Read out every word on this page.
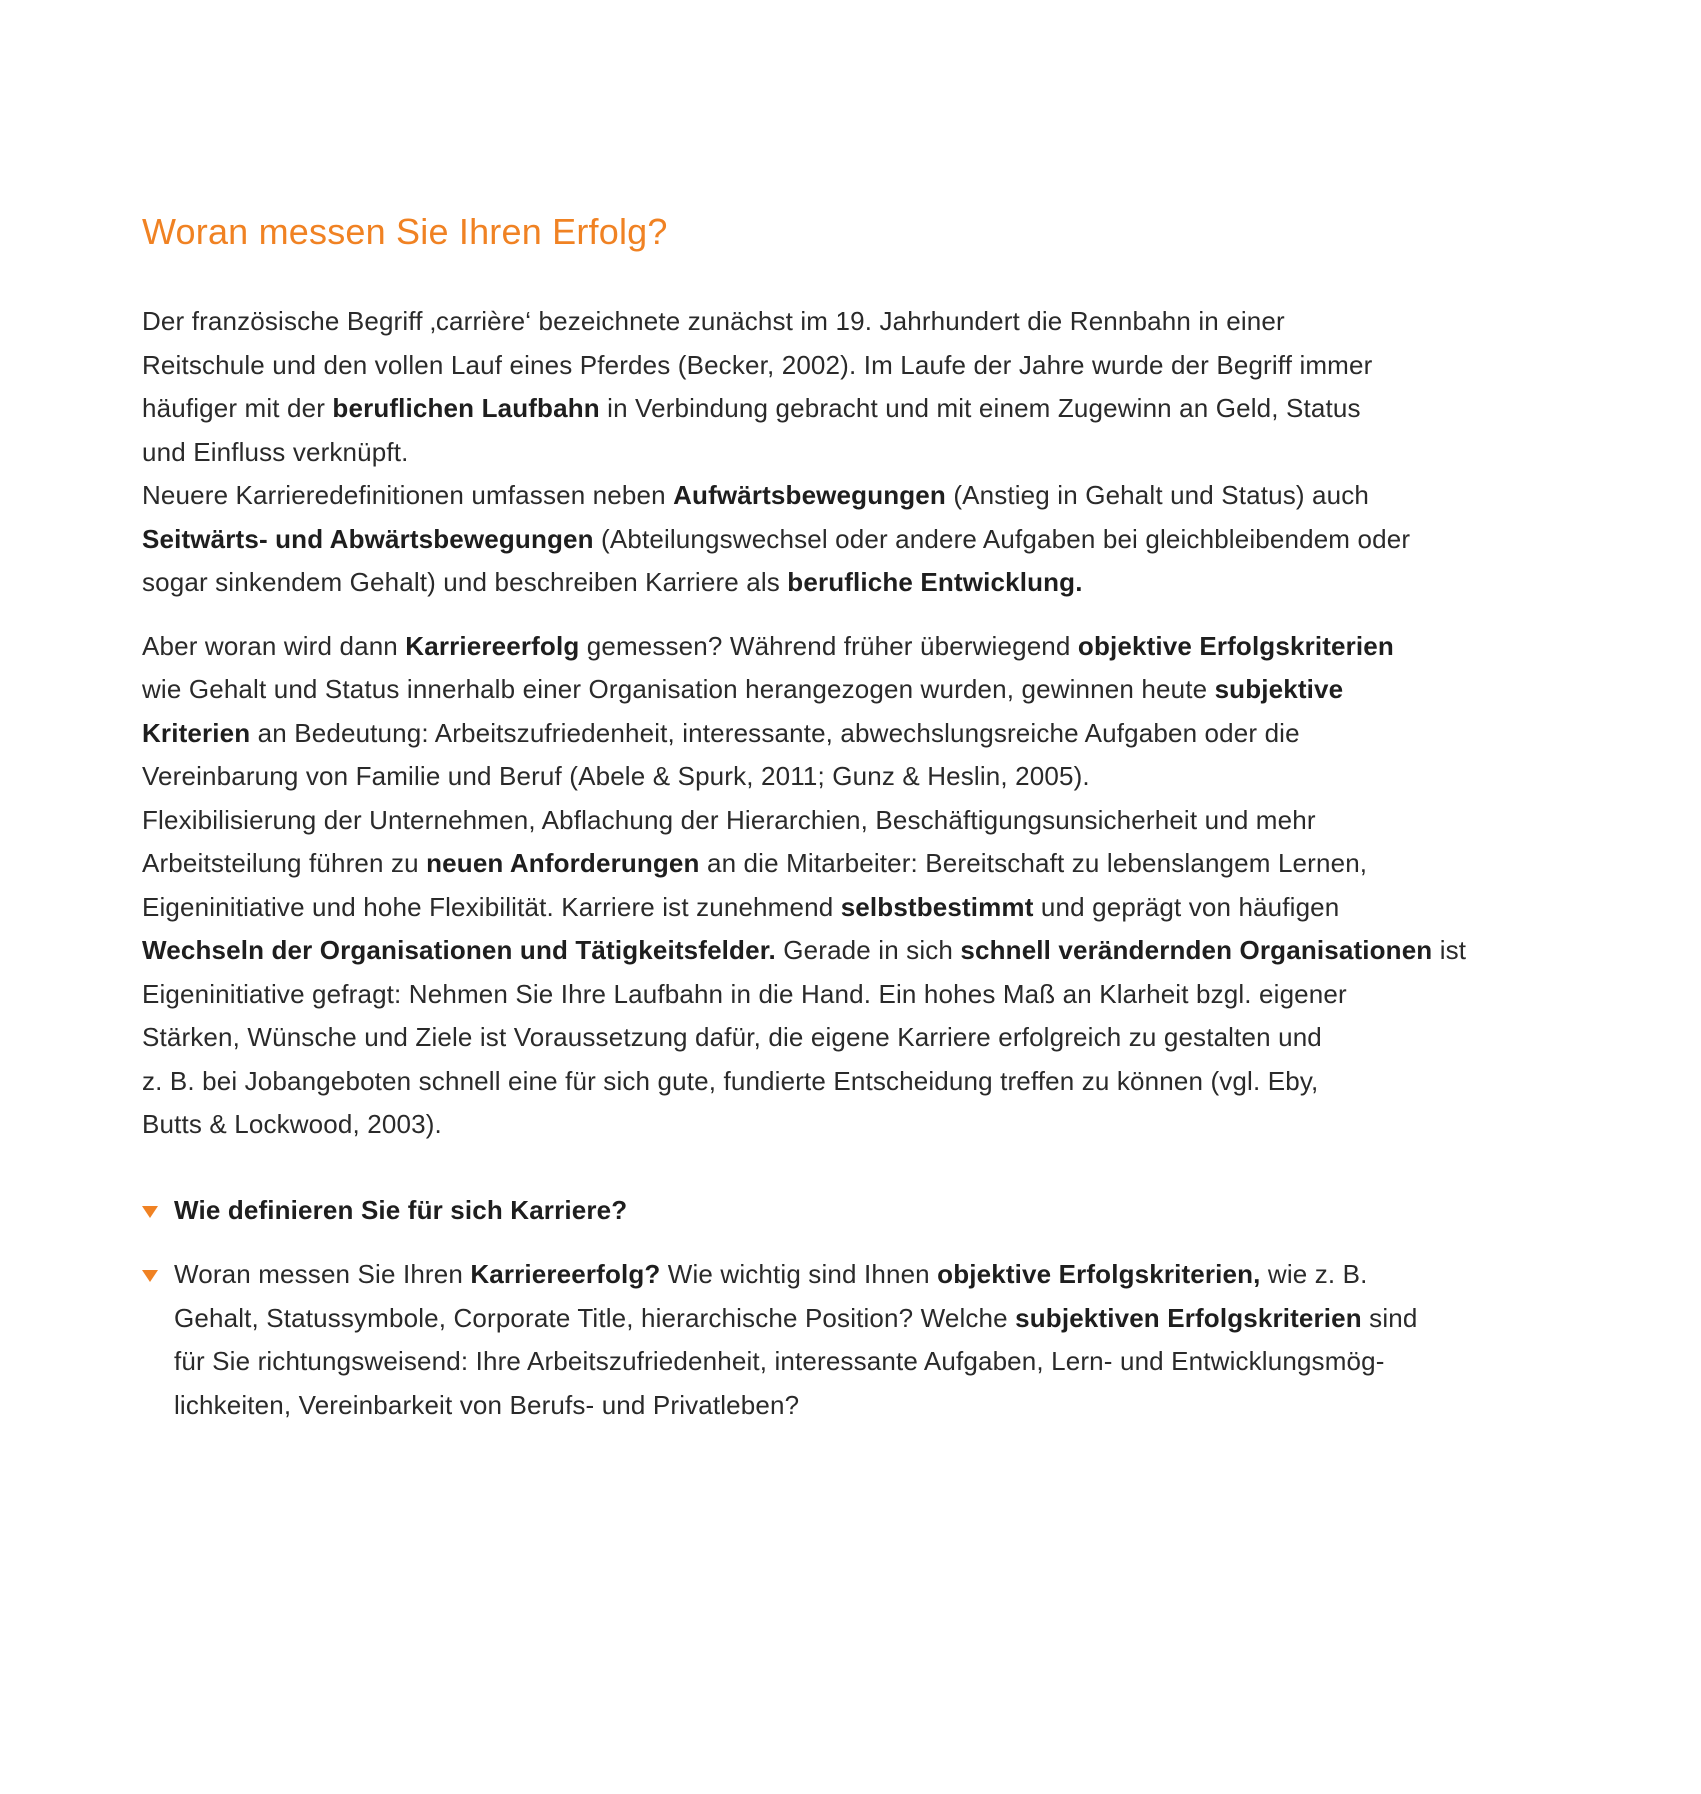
Woran messen Sie Ihren Erfolg?

Der französische Begriff ‚carrière‘ bezeichnete zunächst im 19. Jahrhundert die Rennbahn in einer
Reitschule und den vollen Lauf eines Pferdes (Becker, 2002). Im Laufe der Jahre wurde der Begriff immer
häufiger mit der beruflichen Laufbahn in Verbindung gebracht und mit einem Zugewinn an Geld, Status
und Einfluss verknüpft.
Neuere Karrieredefinitionen umfassen neben Aufwärtsbewegungen (Anstieg in Gehalt und Status) auch
Seitwärts- und Abwärtsbewegungen (Abteilungswechsel oder andere Aufgaben bei gleichbleibendem oder
sogar sinkendem Gehalt) und beschreiben Karriere als berufliche Entwicklung.

Aber woran wird dann Karriereerfolg gemessen? Während früher überwiegend objektive Erfolgskriterien
wie Gehalt und Status innerhalb einer Organisation herangezogen wurden, gewinnen heute subjektive
Kriterien an Bedeutung: Arbeitszufriedenheit, interessante, abwechslungsreiche Aufgaben oder die
Vereinbarung von Familie und Beruf (Abele & Spurk, 2011; Gunz & Heslin, 2005).
Flexibilisierung der Unternehmen, Abflachung der Hierarchien, Beschäftigungsunsicherheit und mehr
Arbeitsteilung führen zu neuen Anforderungen an die Mitarbeiter: Bereitschaft zu lebenslangem Lernen,
Eigeninitiative und hohe Flexibilität. Karriere ist zunehmend selbstbestimmt und geprägt von häufigen
Wechseln der Organisationen und Tätigkeitsfelder. Gerade in sich schnell verändernden Organisationen ist
Eigeninitiative gefragt: Nehmen Sie Ihre Laufbahn in die Hand. Ein hohes Maß an Klarheit bzgl. eigener
Stärken, Wünsche und Ziele ist Voraussetzung dafür, die eigene Karriere erfolgreich zu gestalten und
z. B. bei Jobangeboten schnell eine für sich gute, fundierte Entscheidung treffen zu können (vgl. Eby,
Butts & Lockwood, 2003).

Wie definieren Sie für sich Karriere?
Woran messen Sie Ihren Karriereerfolg? Wie wichtig sind Ihnen objektive Erfolgskriterien, wie z. B.
Gehalt, Statussymbole, Corporate Title, hierarchische Position? Welche subjektiven Erfolgskriterien sind
für Sie richtungsweisend: Ihre Arbeitszufriedenheit, interessante Aufgaben, Lern- und Entwicklungsmög-
lichkeiten, Vereinbarkeit von Berufs- und Privatleben?
